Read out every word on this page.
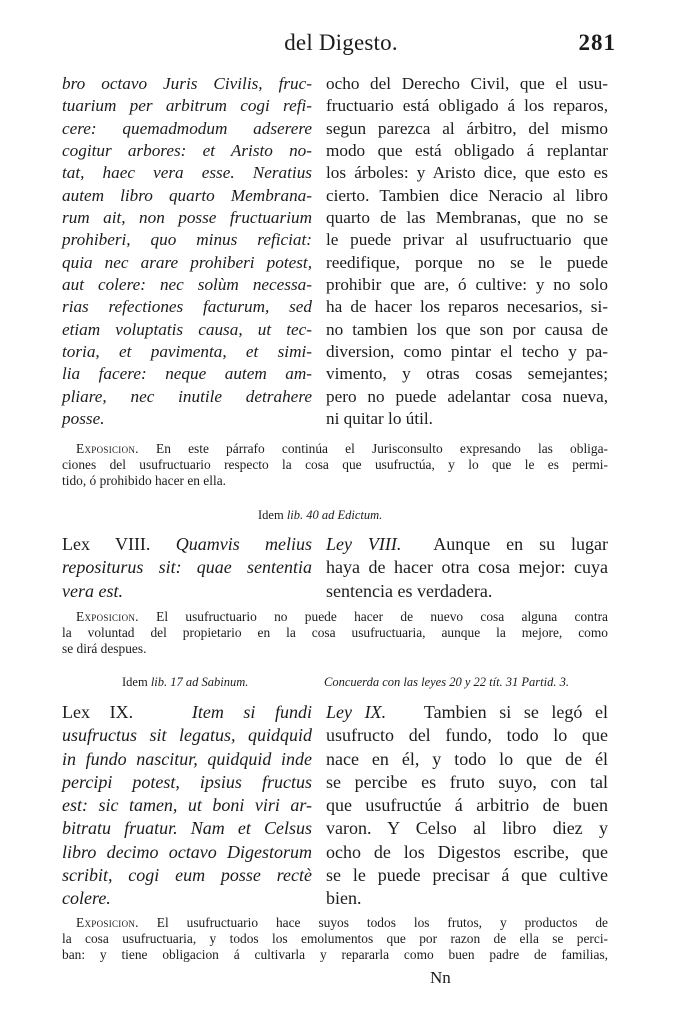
del Digesto.	281
bro octavo Juris Civilis, fruc-
tuarium per arbitrum cogi refi-
cere: quemadmodum adserere
cogitur arbores: et Aristo no-
tat, haec vera esse. Neratius
autem libro quarto Membrana-
rum ait, non posse fructuarium
prohiberi, quo minus reficiat:
quia nec arare prohiberi potest,
aut colere: nec solùm necessa-
rias refectiones facturum, sed
etiam voluptatis causa, ut tec-
toria, et pavimenta, et simi-
lia facere: neque autem am-
pliare, nec inutile detrahere
posse.
ocho del Derecho Civil, que el usu-
fructuario está obligado á los reparos,
segun parezca al árbitro, del mismo
modo que está obligado á replantar
los árboles: y Aristo dice, que esto es
cierto. Tambien dice Neracio al libro
quarto de las Membranas, que no se
le puede privar al usufructuario que
reedifique, porque no se le puede
prohibir que are, ó cultive: y no solo
ha de hacer los reparos necesarios, si-
no tambien los que son por causa de
diversion, como pintar el techo y pa-
vimento, y otras cosas semejantes;
pero no puede adelantar cosa nueva,
ni quitar lo útil.
Exposicion. En este párrafo continúa el Jurisconsulto expresando las obliga-
ciones del usufructuario respecto la cosa que usufructúa, y lo que le es permi-
tido, ó prohibido hacer en ella.
Idem lib. 40 ad Edictum.
Lex VIII. Quamvis melius
repositurus sit: quae sententia
vera est.
Ley VIII. Aunque en su lugar
haya de hacer otra cosa mejor: cuya
sentencia es verdadera.
Exposicion. El usufructuario no puede hacer de nuevo cosa alguna contra
la voluntad del propietario en la cosa usufructuaria, aunque la mejore, como
se dirá despues.
Idem lib. 17 ad Sabinum.	Concuerda con las leyes 20 y 22 tít. 31 Partid. 3.
Lex IX.	Item si fundi
usufructus sit legatus, quidquid
in fundo nascitur, quidquid inde
percipi potest, ipsius fructus
est: sic tamen, ut boni viri ar-
bitratu fruatur. Nam et Celsus
libro decimo octavo Digestorum
scribit, cogi eum posse rectè
colere.
Ley IX. Tambien si se legó el
usufructo del fundo, todo lo que
nace en él, y todo lo que de él
se percibe es fruto suyo, con tal
que usufructúe á arbitrio de buen
varon. Y Celso al libro diez y
ocho de los Digestos escribe, que
se le puede precisar á que cultive
bien.
Exposicion. El usufructuario hace suyos todos los frutos, y productos de
la cosa usufructuaria, y todos los emolumentos que por razon de ella se perci-
ban: y tiene obligacion á cultivarla y repararla como buen padre de familias,
Nn
